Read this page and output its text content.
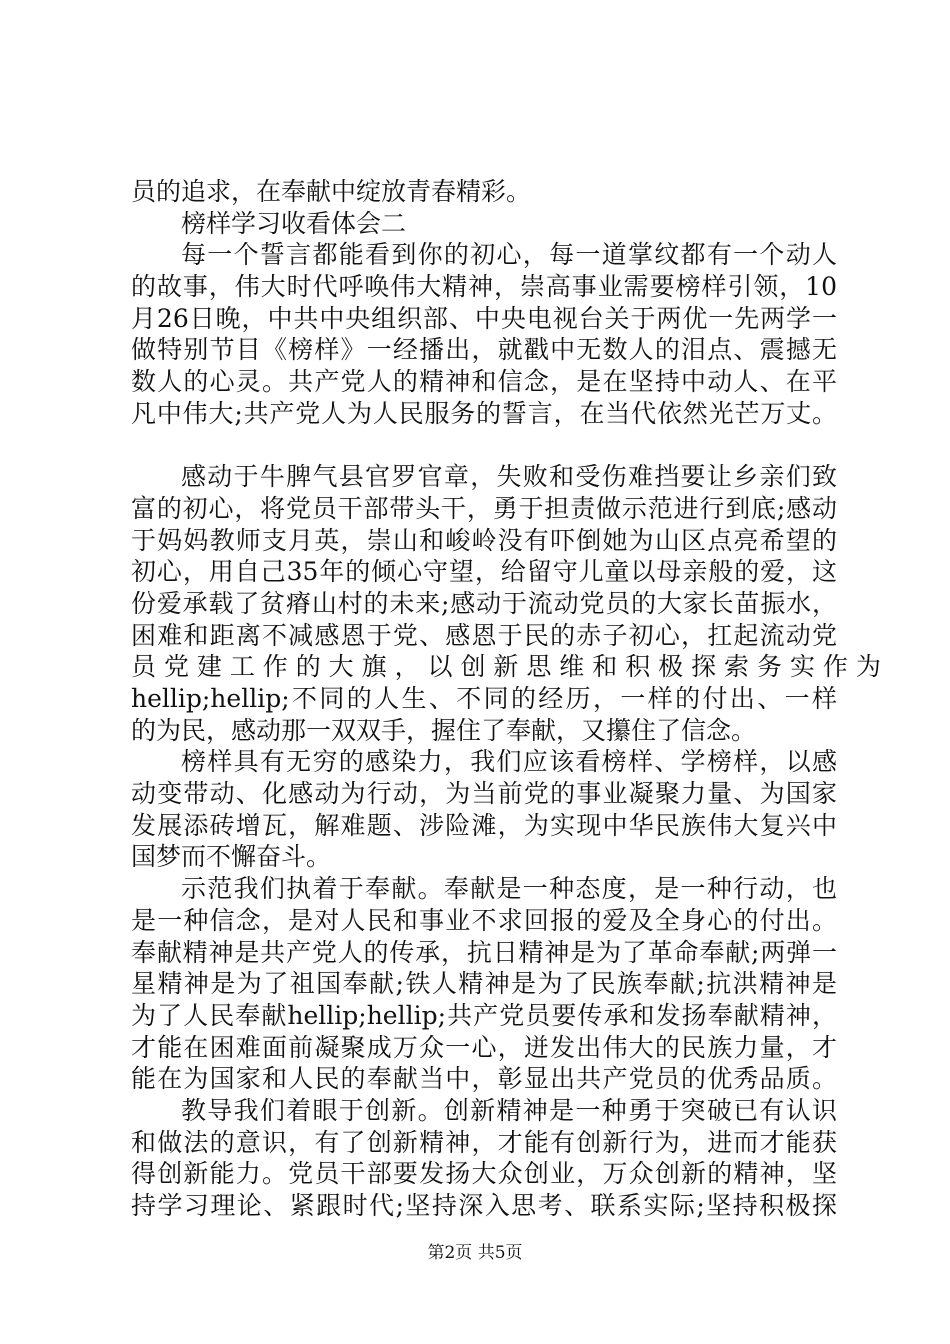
员的追求，在奉献中绽放青春精彩。
榜样学习收看体会二
每一个誓言都能看到你的初心，每一道掌纹都有一个动人
的故事，伟大时代呼唤伟大精神，崇高事业需要榜样引领，10
月26日晚，中共中央组织部、中央电视台关于两优一先两学一
做特别节目《榜样》一经播出，就戳中无数人的泪点、震撼无
数人的心灵。共产党人的精神和信念，是在坚持中动人、在平
凡中伟大;共产党人为人民服务的誓言，在当代依然光芒万丈。
感动于牛脾气县官罗官章，失败和受伤难挡要让乡亲们致
富的初心，将党员干部带头干，勇于担责做示范进行到底;感动
于妈妈教师支月英，崇山和峻岭没有吓倒她为山区点亮希望的
初心，用自己35年的倾心守望，给留守儿童以母亲般的爱，这
份爱承载了贫瘠山村的未来;感动于流动党员的大家长苗振水，
困难和距离不减感恩于党、感恩于民的赤子初心，扛起流动党
员 党 建 工 作 的 大 旗 ， 以 创 新 思 维 和 积 极 探 索 务 实 作 为
hellip;hellip;不同的人生、不同的经历，一样的付出、一样
的为民，感动那一双双手，握住了奉献，又攥住了信念。
榜样具有无穷的感染力，我们应该看榜样、学榜样，以感
动变带动、化感动为行动，为当前党的事业凝聚力量、为国家
发展添砖增瓦，解难题、涉险滩，为实现中华民族伟大复兴中
国梦而不懈奋斗。
示范我们执着于奉献。奉献是一种态度，是一种行动，也
是一种信念，是对人民和事业不求回报的爱及全身心的付出。
奉献精神是共产党人的传承，抗日精神是为了革命奉献;两弹一
星精神是为了祖国奉献;铁人精神是为了民族奉献;抗洪精神是
为了人民奉献hellip;hellip;共产党员要传承和发扬奉献精神，
才能在困难面前凝聚成万众一心，迸发出伟大的民族力量，才
能在为国家和人民的奉献当中，彰显出共产党员的优秀品质。
教导我们着眼于创新。创新精神是一种勇于突破已有认识
和做法的意识，有了创新精神，才能有创新行为，进而才能获
得创新能力。党员干部要发扬大众创业，万众创新的精神，坚
持学习理论、紧跟时代;坚持深入思考、联系实际;坚持积极探
第2页 共5页
